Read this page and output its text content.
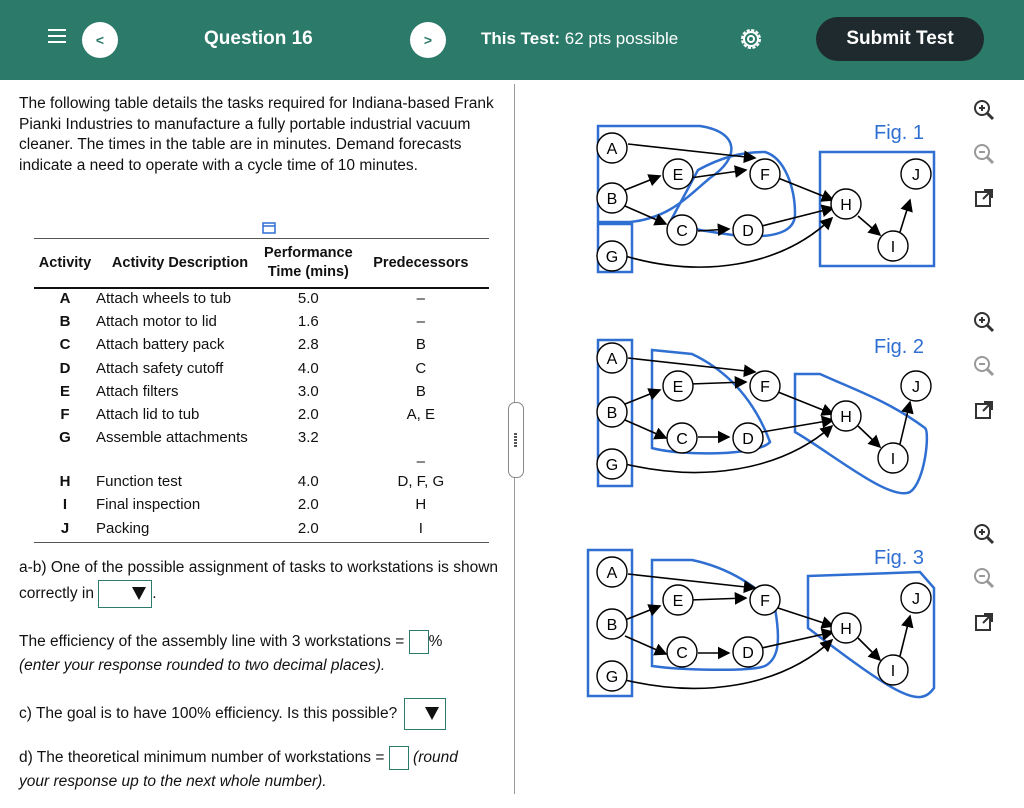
<	Question 16	>	This Test: 62 pts possible	Submit Test
The following table details the tasks required for Indiana-based Frank Pianki Industries to manufacture a fully portable industrial vacuum cleaner. The times in the table are in minutes. Demand forecasts indicate a need to operate with a cycle time of 10 minutes.
Activity	Activity Description	Performance Time (mins)	Predecessors
A	Attach wheels to tub	5.0	–
B	Attach motor to lid	1.6	–
C	Attach battery pack	2.8	B
D	Attach safety cutoff	4.0	C
E	Attach filters	3.0	B
F	Attach lid to tub	2.0	A, E
G	Assemble attachments	3.2	–
H	Function test	4.0	D, F, G
I	Final inspection	2.0	H
J	Packing	2.0	I
a-b) One of the possible assignment of tasks to workstations is shown correctly in	.
The efficiency of the assembly line with 3 workstations = %
(enter your response rounded to two decimal places).
c) The goal is to have 100% efficiency. Is this possible?
d) The theoretical minimum number of workstations = (round
your response up to the next whole number).
Fig. 1
A
B
G
E
C	D
F
H
I
J
Fig. 2
A
B
G
E
C	D
F
H
I
J
Fig. 3
A
B
G
E
C	D
F
H
I
J
